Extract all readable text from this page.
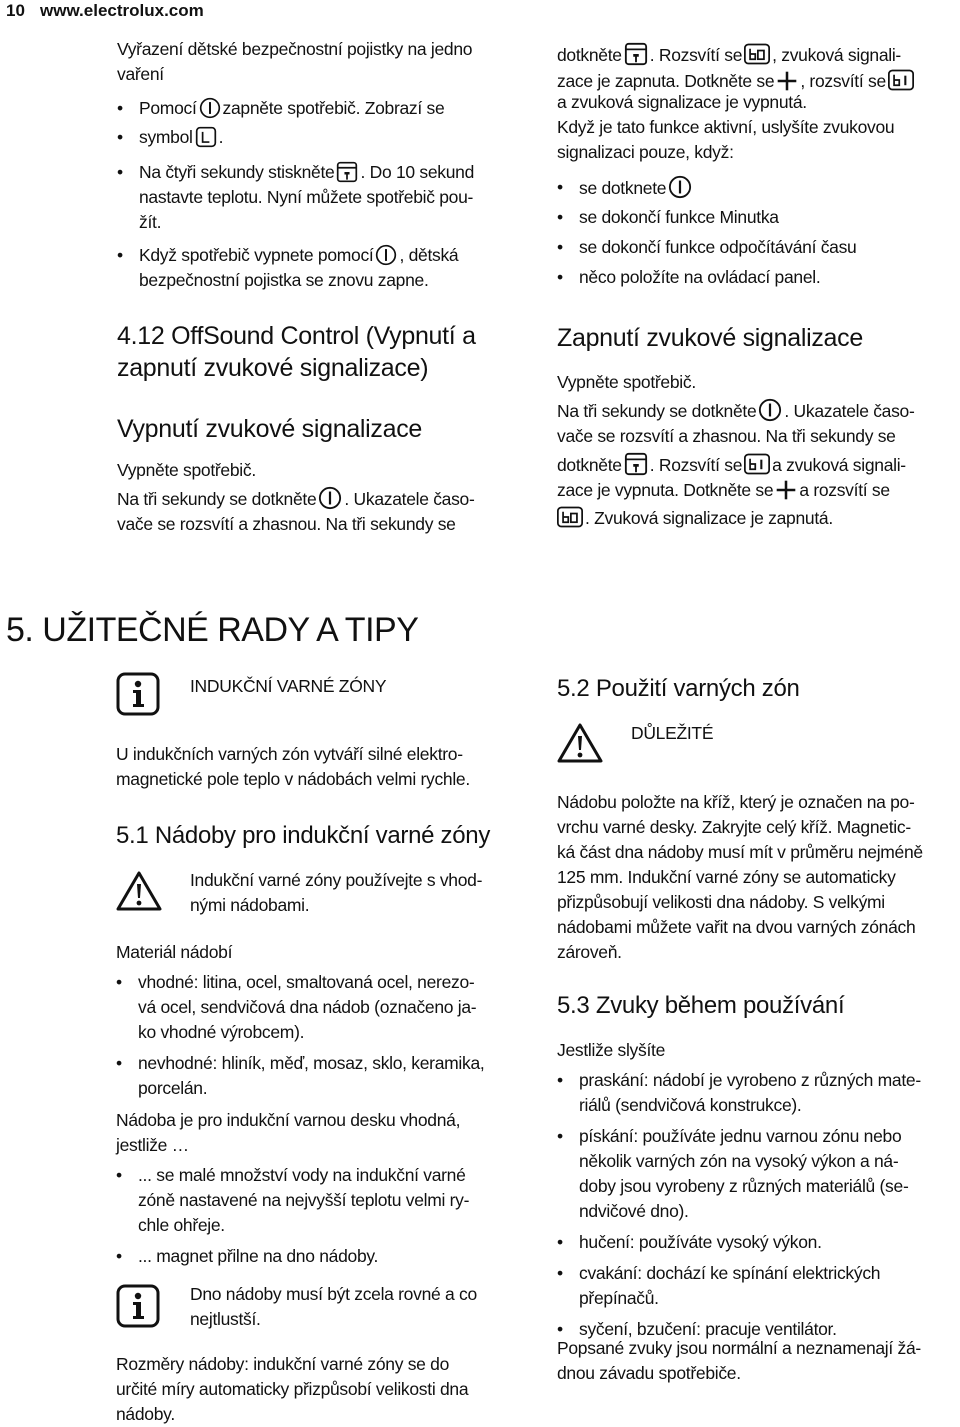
10 www.electrolux.com
Vyřazení dětské bezpečnostní pojistky na jedno vaření
• Pomocí zapněte spotřebič. Zobrazí se
• symbol .
• Na čtyři sekundy stiskněte . Do 10 sekund
nastavte teplotu. Nyní můžete spotřebič pou-
žít.
• Když spotřebič vypnete pomocí , dětská
bezpečnostní pojistka se znovu zapne.
4.12 OffSound Control (Vypnutí a
zapnutí zvukové signalizace)
Vypnutí zvukové signalizace
Vypněte spotřebič.
Na tři sekundy se dotkněte . Ukazatele časo-
vače se rozsvítí a zhasnou. Na tři sekundy se
dotkněte . Rozsvítí se , zvuková signali-
zace je zapnuta. Dotkněte se , rozsvítí se
a zvuková signalizace je vypnutá.
Když je tato funkce aktivní, uslyšíte zvukovou
signalizaci pouze, když:
• se dotknete
• se dokončí funkce Minutka
• se dokončí funkce odpočítávání času
• něco položíte na ovládací panel.
Zapnutí zvukové signalizace
Vypněte spotřebič.
Na tři sekundy se dotkněte . Ukazatele časo-
vače se rozsvítí a zhasnou. Na tři sekundy se
dotkněte . Rozsvítí se a zvuková signali-
zace je vypnuta. Dotkněte se a rozsvítí se
. Zvuková signalizace je zapnutá.
5. UŽITEČNÉ RADY A TIPY
INDUKČNÍ VARNÉ ZÓNY
U indukčních varných zón vytváří silné elektro-
magnetické pole teplo v nádobách velmi rychle.
5.1 Nádoby pro indukční varné zóny
Indukční varné zóny používejte s vhod-
nými nádobami.
Materiál nádobí
• vhodné: litina, ocel, smaltovaná ocel, nerezo-
vá ocel, sendvičová dna nádob (označeno ja-
ko vhodné výrobcem).
• nevhodné: hliník, měď, mosaz, sklo, keramika,
porcelán.
Nádoba je pro indukční varnou desku vhodná,
jestliže …
• ... se malé množství vody na indukční varné
zóně nastavené na nejvyšší teplotu velmi ry-
chle ohřeje.
• ... magnet přilne na dno nádoby.
Dno nádoby musí být zcela rovné a co
nejtlustší.
Rozměry nádoby: indukční varné zóny se do
určité míry automaticky přizpůsobí velikosti dna
nádoby.
5.2 Použití varných zón
DŮLEŽITÉ
Nádobu položte na kříž, který je označen na po-
vrchu varné desky. Zakryjte celý kříž. Magnetic-
ká část dna nádoby musí mít v průměru nejméně
125 mm. Indukční varné zóny se automaticky
přizpůsobují velikosti dna nádoby. S velkými
nádobami můžete vařit na dvou varných zónách
zároveň.
5.3 Zvuky během používání
Jestliže slyšíte
• praskání: nádobí je vyrobeno z různých mate-
riálů (sendvičová konstrukce).
• pískání: používáte jednu varnou zónu nebo
několik varných zón na vysoký výkon a ná-
doby jsou vyrobeny z různých materiálů (se-
ndvičové dno).
• hučení: používáte vysoký výkon.
• cvakání: dochází ke spínání elektrických
přepínačů.
• syčení, bzučení: pracuje ventilátor.
Popsané zvuky jsou normální a neznamenají žá-
dnou závadu spotřebiče.
